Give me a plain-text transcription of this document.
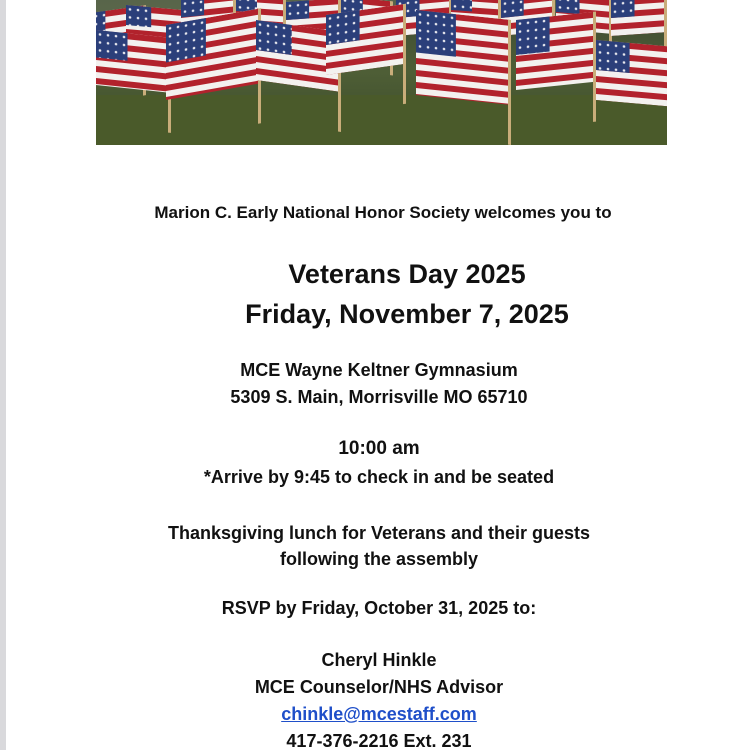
Marion C. Early National Honor Society welcomes you to
Veterans Day 2025
Friday, November 7, 2025
MCE Wayne Keltner Gymnasium
5309 S. Main, Morrisville MO 65710
10:00 am
*Arrive by 9:45 to check in and be seated
Thanksgiving lunch for Veterans and their guests
following the assembly
RSVP by Friday, October 31, 2025 to:
Cheryl Hinkle
MCE Counselor/NHS Advisor
chinkle@mcestaff.com
417-376-2216 Ext. 231
